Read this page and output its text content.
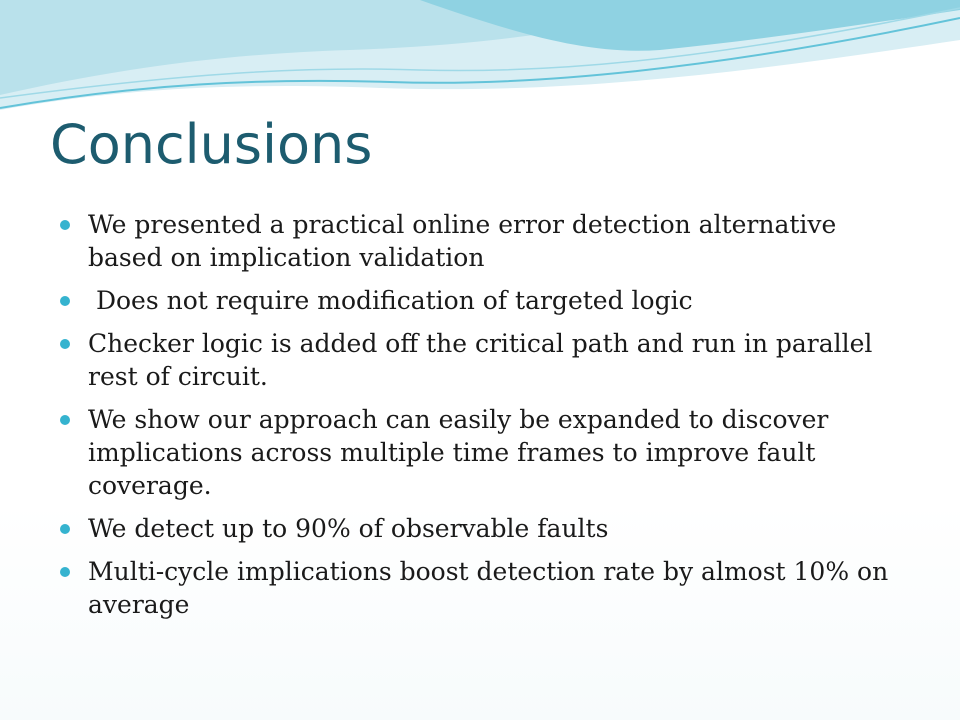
Conclusions
We presented a practical online error detection alternative based on implication validation
Does not require modification of targeted logic
Checker logic is added off the critical path and run in parallel rest of circuit.
We show our approach can easily be expanded to discover implications across multiple time frames to improve fault coverage.
We detect up to 90% of observable faults
Multi-cycle implications boost detection rate by almost 10% on average
